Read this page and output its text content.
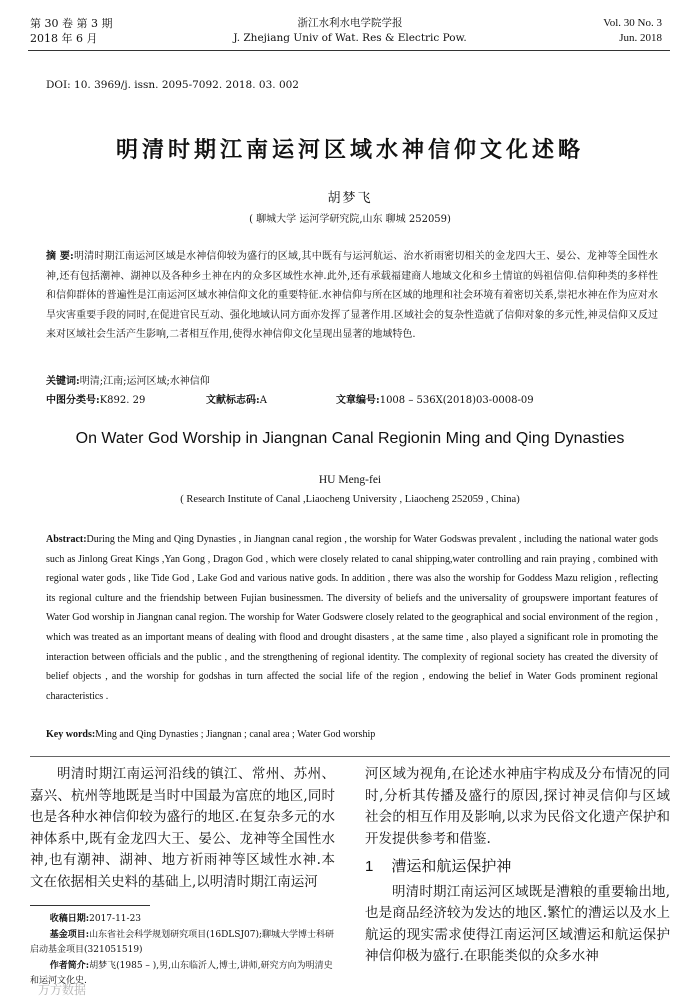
第 30 卷 第 3 期
2018 年 6 月
浙江水利水电学院学报
J. Zhejiang Univ of Wat. Res & Electric Pow.
Vol. 30 No. 3
Jun. 2018
DOI: 10. 3969/j. issn. 2095-7092. 2018. 03. 002
明清时期江南运河区域水神信仰文化述略
胡梦飞
( 聊城大学 运河学研究院,山东 聊城 252059)
摘 要:明清时期江南运河区域是水神信仰较为盛行的区域,其中既有与运河航运、治水祈雨密切相关的金龙四大王、晏公、龙神等全国性水神,还有包括潮神、湖神以及各种乡土神在内的众多区域性水神.此外,还有承载福建商人地域文化和乡土情谊的妈祖信仰.信仰种类的多样性和信仰群体的普遍性是江南运河区域水神信仰文化的重要特征.水神信仰与所在区域的地理和社会环境有着密切关系,崇祀水神在作为应对水旱灾害重要手段的同时,在促进官民互动、强化地域认同方面亦发挥了显著作用.区域社会的复杂性造就了信仰对象的多元性,神灵信仰又反过来对区域社会生活产生影响,二者相互作用,使得水神信仰文化呈现出显著的地域特色.
关键词:明清;江南;运河区域;水神信仰
中图分类号:K892. 29	文献标志码:A	文章编号:1008 – 536X(2018)03-0008-09
On Water God Worship in Jiangnan Canal Regionin Ming and Qing Dynasties
HU Meng-fei
( Research Institute of Canal ,Liaocheng University , Liaocheng 252059 , China)
Abstract:During the Ming and Qing Dynasties , in Jiangnan canal region , the worship for Water Godswas prevalent , including the national water gods such as Jinlong Great Kings ,Yan Gong , Dragon God , which were closely related to canal shipping,water controlling and rain praying , combined with regional water gods , like Tide God , Lake God and various native gods. In addition , there was also the worship for Goddess Mazu religion , reflecting its regional culture and the friendship between Fujian businessmen. The diversity of beliefs and the universality of groupswere important features of Water God worship in Jiangnan canal region. The worship for Water Godswere closely related to the geographical and social environment of the region , which was treated as an important means of dealing with flood and drought disasters , at the same time , also played a significant role in promoting the interaction between officials and the public , and the strengthening of regional identity. The complexity of regional society has created the diversity of belief objects , and the worship for godshas in turn affected the social life of the region , endowing the belief in Water Gods prominent regional characteristics .
Key words:Ming and Qing Dynasties ; Jiangnan ; canal area ; Water God worship

明清时期江南运河沿线的镇江、常州、苏州、嘉兴、杭州等地既是当时中国最为富庶的地区,同时也是各种水神信仰较为盛行的地区.在复杂多元的水神体系中,既有金龙四大王、晏公、龙神等全国性水神,也有潮神、湖神、地方祈雨神等区域性水神.本文在依据相关史料的基础上,以明清时期江南运河

河区域为视角,在论述水神庙宇构成及分布情况的同时,分析其传播及盛行的原因,探讨神灵信仰与区域社会的相互作用及影响,以求为民俗文化遗产保护和开发提供参考和借鉴.

1 漕运和航运保护神

明清时期江南运河区域既是漕粮的重要输出地,也是商品经济较为发达的地区.繁忙的漕运以及水上航运的现实需求使得江南运河区域漕运和航运保护神信仰极为盛行.在职能类似的众多水神

收稿日期:2017-11-23
基金项目:山东省社会科学规划研究项目(16DLSJ07);聊城大学博士科研启动基金项目(321051519)
作者简介:胡梦飞(1985 – ),男,山东临沂人,博士,讲师,研究方向为明清史和运河文化史.
万方数据
